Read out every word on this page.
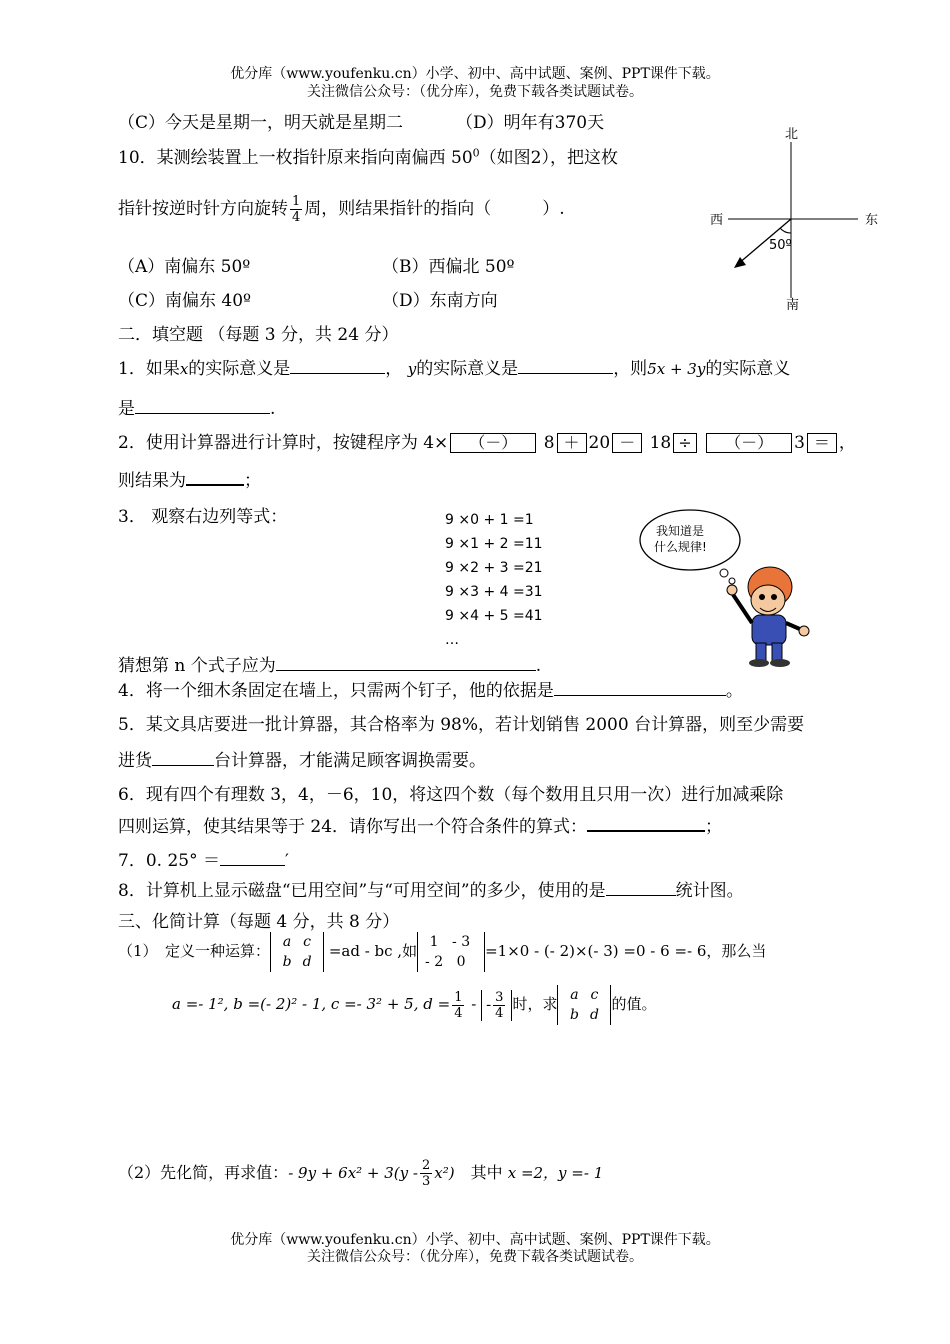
优分库（www.youfenku.cn）小学、初中、高中试题、案例、PPT课件下载。
关注微信公众号：（优分库），免费下载各类试题试卷。
（C）今天是星期一，明天就是星期二	（D）明年有370天
10．某测绘装置上一枚指针原来指向南偏西 $50^0$（如图2），把这枚
指针按逆时针方向旋转 $\frac{1}{4}$ 周，则结果指针的指向（　　　）.
（A）南偏东 50º	（B）西偏北 50º
（C）南偏东 40º	（D）东南方向
北
南
东
西
50º
二．填空题 （每题 3 分，共 24 分）
1．如果x的实际意义是	， y的实际意义是	，则5x + 3y的实际意义
是	.
2．使用计算器进行计算时，按键程序为 4× （－） 8 ＋ 20 － 18 ÷ （－） 3 ＝ ，
则结果为	；
3． 观察右边列等式：	9 ×0 + 1 =1
9 ×1 + 2 =11
9 ×2 + 3 =21
9 ×3 + 4 =31
9 ×4 + 5 =41
…
我知道是
什么规律!
猜想第 n 个式子应为	.
4．将一个细木条固定在墙上，只需两个钉子，他的依据是	。
5．某文具店要进一批计算器，其合格率为 98%，若计划销售 2000 台计算器，则至少需要
进货	台计算器，才能满足顾客调换需要。
6．现有四个有理数 3，4，－6，10，将这四个数（每个数用且只用一次）进行加减乘除
四则运算，使其结果等于 24．请你写出一个符合条件的算式：	；
7．0. 25° ＝	′
8．计算机上显示磁盘“已用空间”与“可用空间”的多少，使用的是	统计图。
三、化简计算（每题 4 分，共 8 分）
（1）　定义一种运算： a c
b d =ad - bc ,如 1 - 3
- 2 0=1×0 - (- 2)×(- 3) =0 - 6 =- 6，那么当
a =- 1², b =(- 2)² - 1, c =- 3² + 5, $d = \frac{1}{4}$ - - $\frac{3}{4}$ 时，求 a c
b d的值。
（2）先化简，再求值：- $9y + 6x^2 + 3(y - \frac{2}{3} x^2)$　 其中 x =2，y =- 1
优分库（www.youfenku.cn）小学、初中、高中试题、案例、PPT课件下载。
关注微信公众号：（优分库），免费下载各类试题试卷。
